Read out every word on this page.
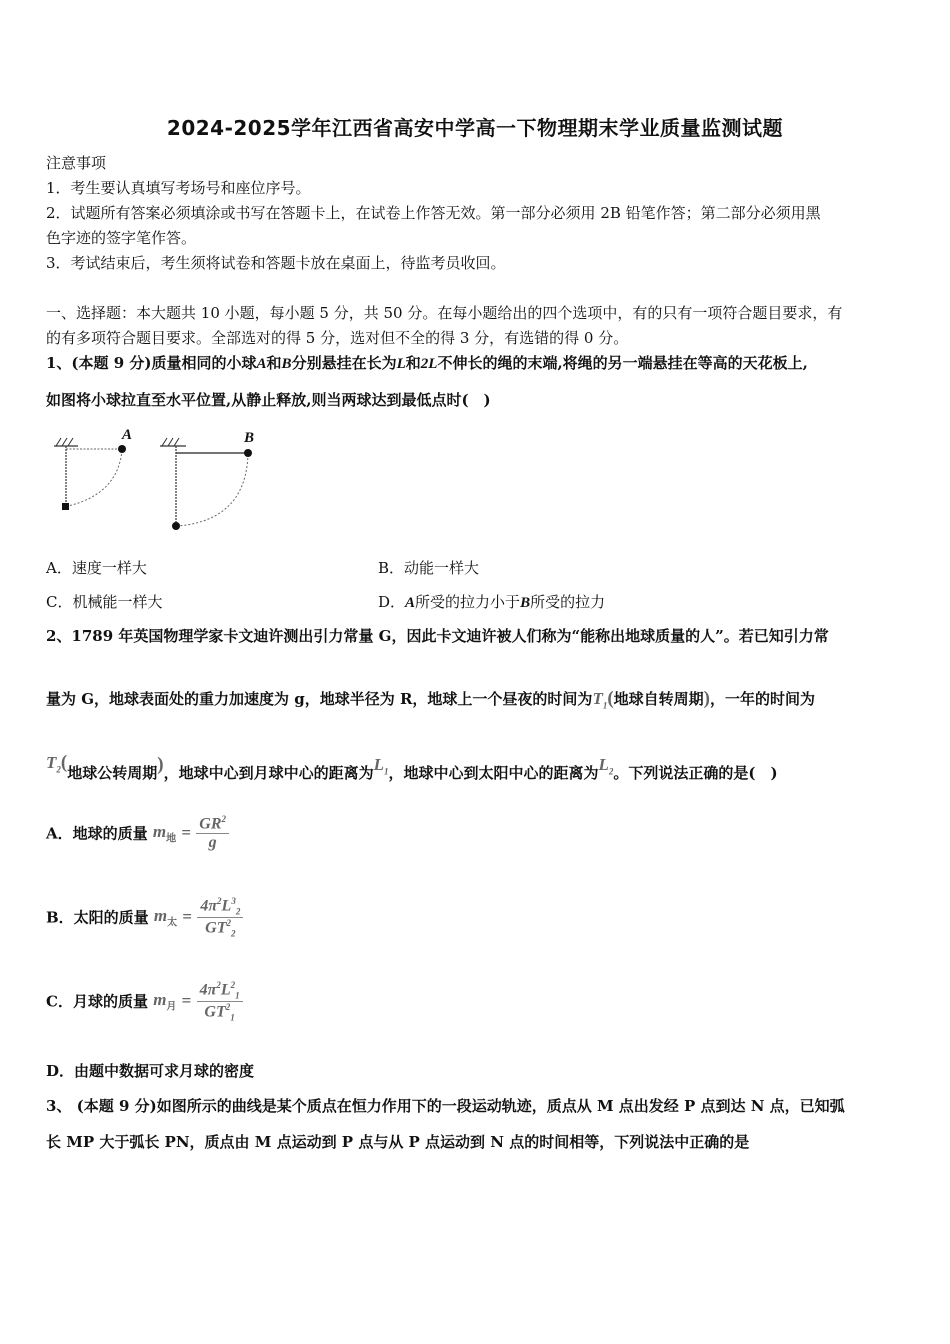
2024-2025学年江西省高安中学高一下物理期末学业质量监测试题
注意事项
1．考生要认真填写考场号和座位序号。
2．试题所有答案必须填涂或书写在答题卡上，在试卷上作答无效。第一部分必须用 2B 铅笔作答；第二部分必须用黑
色字迹的签字笔作答。
3．考试结束后，考生须将试卷和答题卡放在桌面上，待监考员收回。
一、选择题：本大题共 10 小题，每小题 5 分，共 50 分。在每小题给出的四个选项中，有的只有一项符合题目要求，有
的有多项符合题目要求。全部选对的得 5 分，选对但不全的得 3 分，有选错的得 0 分。
1、(本题 9 分)质量相同的小球A和B分别悬挂在长为L和2L不伸长的绳的末端,将绳的另一端悬挂在等高的天花板上,
如图将小球拉直至水平位置,从静止释放,则当两球达到最低点时(　)
A	B
A．速度一样大	B．动能一样大
C．机械能一样大	D．A所受的拉力小于B所受的拉力
2、1789 年英国物理学家卡文迪许测出引力常量 G，因此卡文迪许被人们称为“能称出地球质量的人”。若已知引力常
量为 G，地球表面处的重力加速度为 g，地球半径为 R，地球上一个昼夜的时间为$T_1$(地球自转周期)，一年的时间为
$T_2$(地球公转周期)，地球中心到月球中心的距离为$L_1$，地球中心到太阳中心的距离为$L_2$。下列说法正确的是(　)
A．地球的质量 $m_地 = \frac{GR^2}{g}$
B．太阳的质量 $m_太 = \frac{4\pi^2L^3_2}{GT^2_2}$
C．月球的质量 $m_月 = \frac{4\pi^2L^2_1}{GT^2_1}$
D．由题中数据可求月球的密度
3、 (本题 9 分)如图所示的曲线是某个质点在恒力作用下的一段运动轨迹，质点从 M 点出发经 P 点到达 N 点，已知弧
长 MP 大于弧长 PN，质点由 M 点运动到 P 点与从 P 点运动到 N 点的时间相等，下列说法中正确的是
